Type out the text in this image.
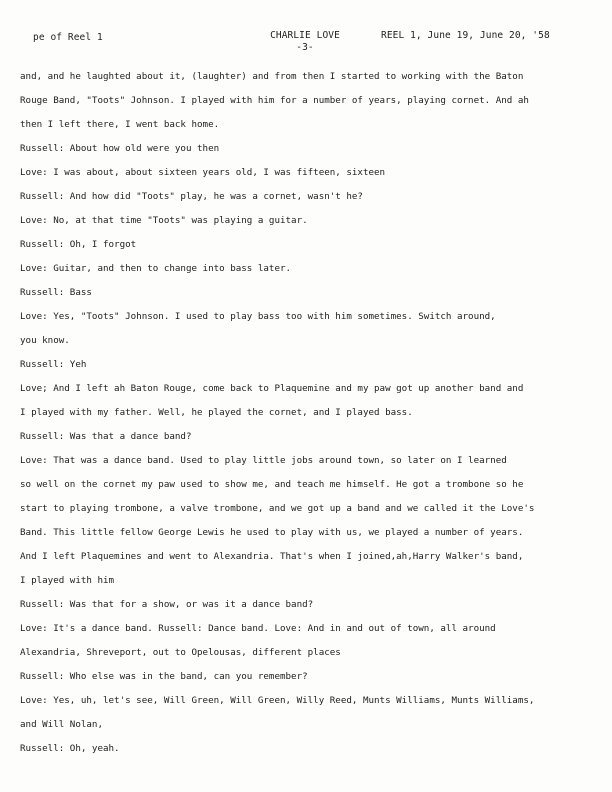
pe of Reel 1	CHARLIE LOVE
-3-
REEL 1, June 19, June 20, '58
and, and he laughted about it, (laughter) and from then I started to working with the Baton
Rouge Band, "Toots" Johnson. I played with him for a number of years, playing cornet. And ah
then I left there, I went back home.
Russell: About how old were you then
Love: I was about, about sixteen years old, I was fifteen, sixteen
Russell: And how did "Toots" play, he was a cornet, wasn't he?
Love: No, at that time "Toots" was playing a guitar.
Russell: Oh, I forgot
Love: Guitar, and then to change into bass later.
Russell: Bass
Love: Yes, "Toots" Johnson. I used to play bass too with him sometimes. Switch around,
you know.
Russell: Yeh
Love; And I left ah Baton Rouge, come back to Plaquemine and my paw got up another band and
I played with my father. Well, he played the cornet, and I played bass.
Russell: Was that a dance band?
Love: That was a dance band. Used to play little jobs around town, so later on I learned
so well on the cornet my paw used to show me, and teach me himself. He got a trombone so he
start to playing trombone, a valve trombone, and we got up a band and we called it the Love's
Band. This little fellow George Lewis he used to play with us, we played a number of years.
And I left Plaquemines and went to Alexandria. That's when I joined,ah,Harry Walker's band,
I played with him
Russell: Was that for a show, or was it a dance band?
Love: It's a dance band. Russell: Dance band. Love: And in and out of town, all around
Alexandria, Shreveport, out to Opelousas, different places
Russell: Who else was in the band, can you remember?
Love: Yes, uh, let's see, Will Green, Will Green, Willy Reed, Munts Williams, Munts Williams,
and Will Nolan,
Russell: Oh, yeah.
